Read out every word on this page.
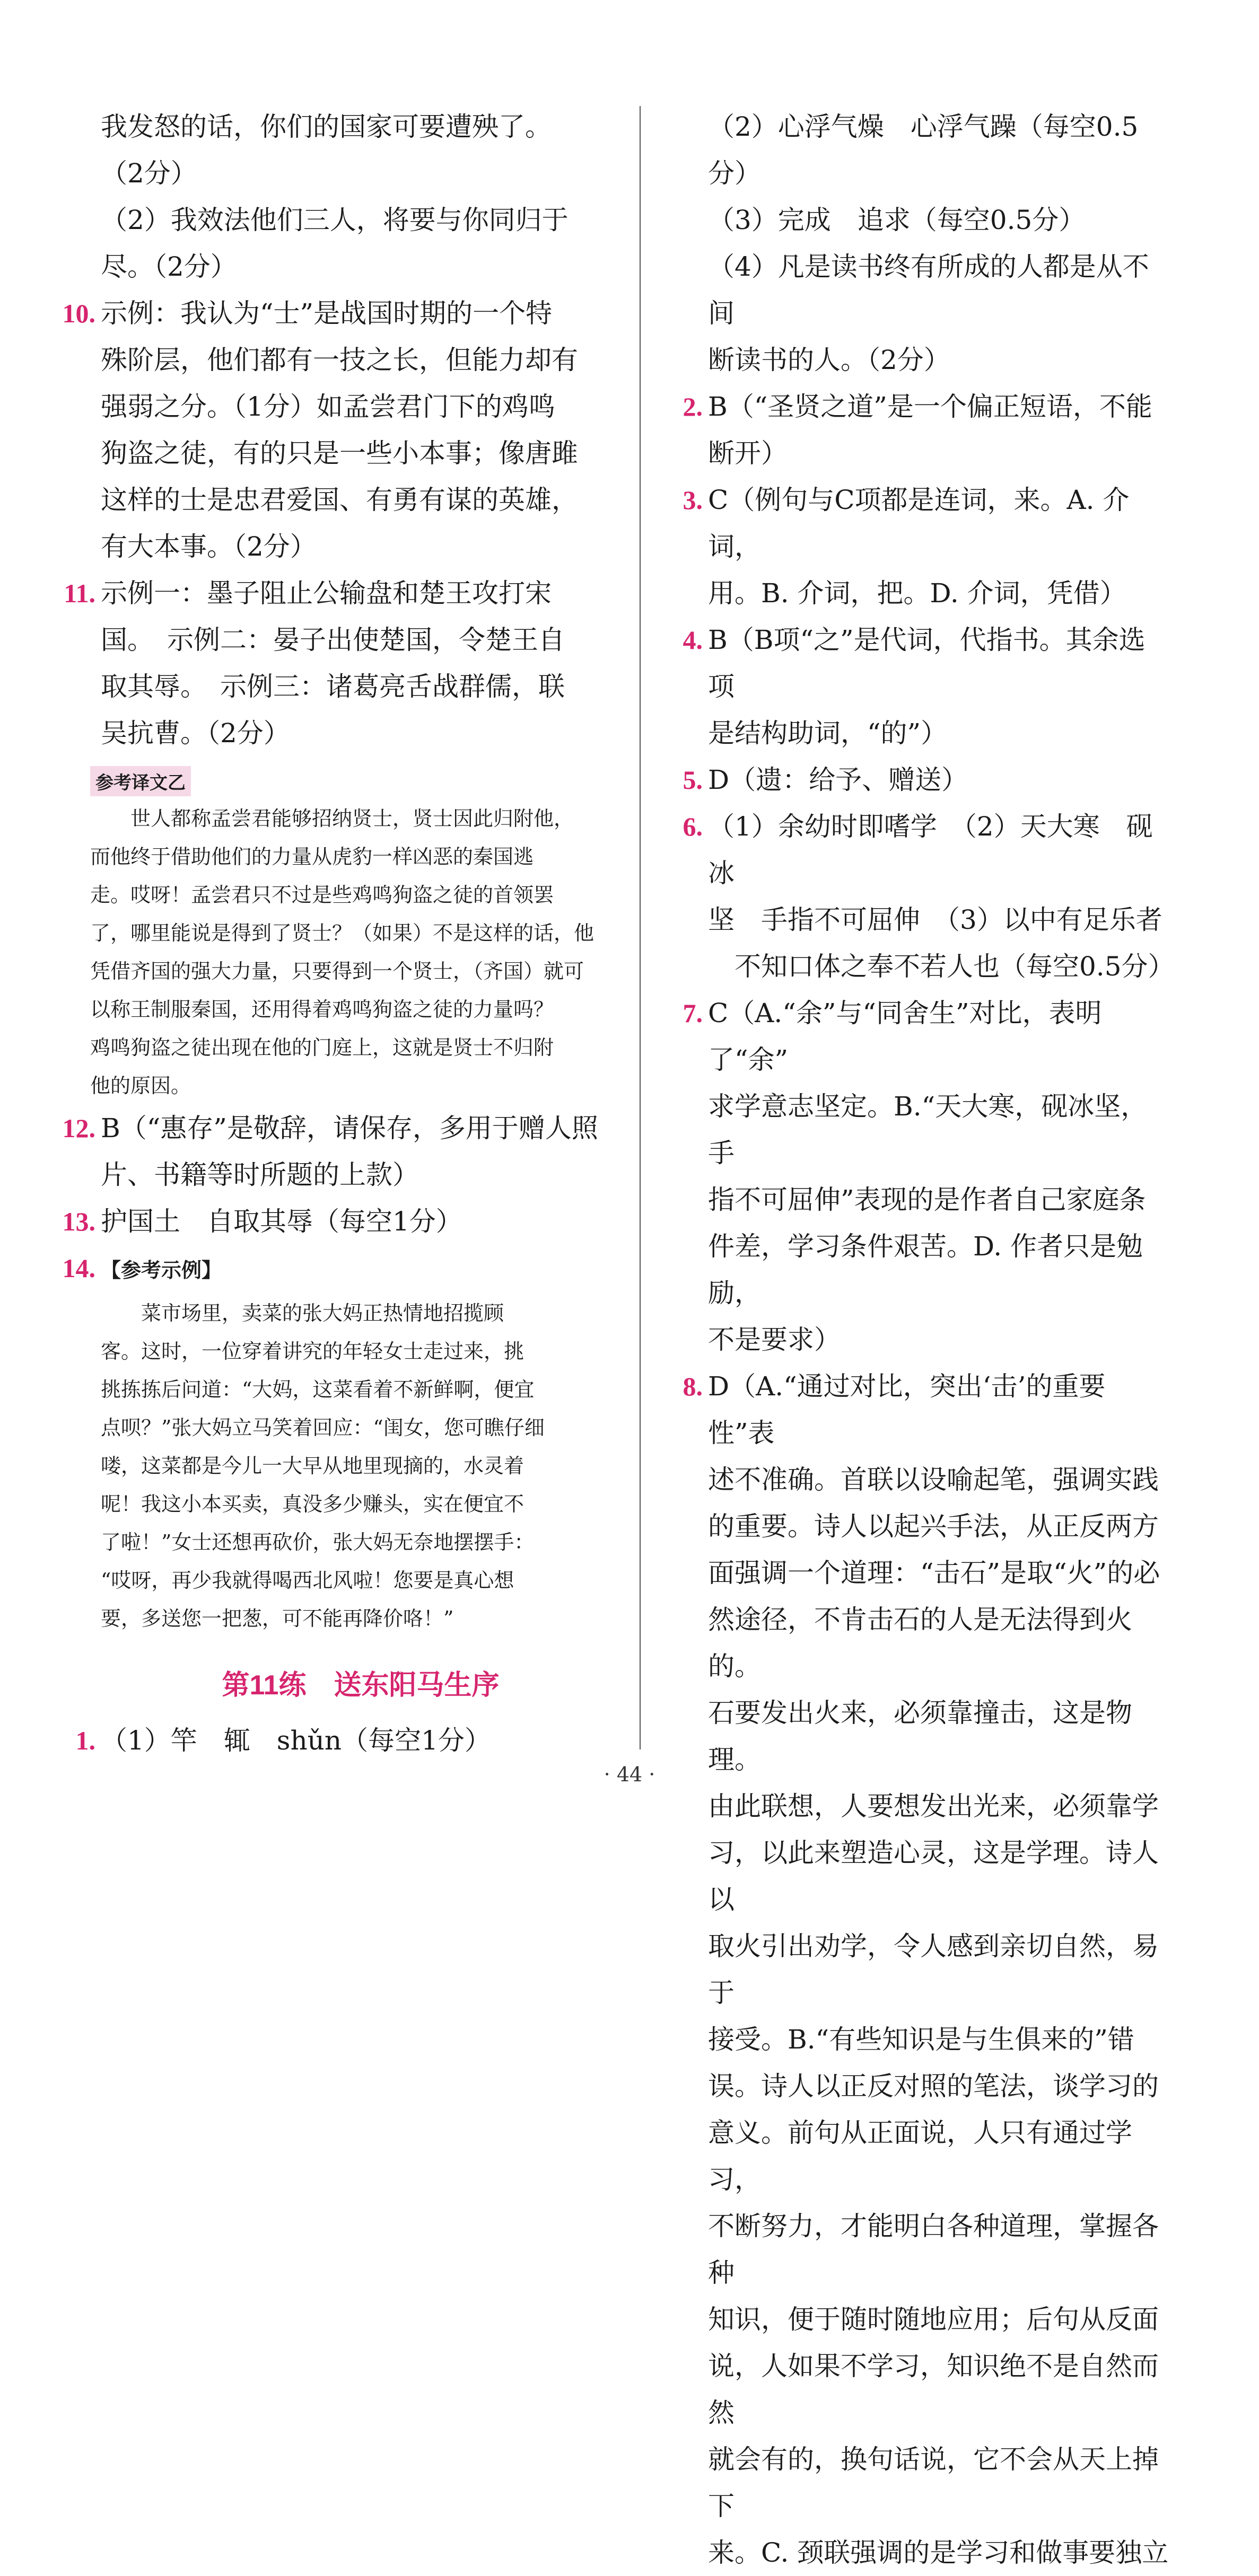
我发怒的话，你们的国家可要遭殃了。

（2分）

（2）我效法他们三人，将要与你同归于

尽。（2分）

10. 示例：我认为“士”是战国时期的一个特

殊阶层，他们都有一技之长，但能力却有

强弱之分。（1分）如孟尝君门下的鸡鸣

狗盗之徒，有的只是一些小本事；像唐雎

这样的士是忠君爱国、有勇有谋的英雄，

有大本事。（2分）

11. 示例一：墨子阻止公输盘和楚王攻打宋

国。　示例二：晏子出使楚国，令楚王自

取其辱。　示例三：诸葛亮舌战群儒，联

吴抗曹。（2分）

参考译文乙

世人都称孟尝君能够招纳贤士，贤士因此归附他，

而他终于借助他们的力量从虎豹一样凶恶的秦国逃

走。哎呀！孟尝君只不过是些鸡鸣狗盗之徒的首领罢

了，哪里能说是得到了贤士？（如果）不是这样的话，他

凭借齐国的强大力量，只要得到一个贤士，（齐国）就可

以称王制服秦国，还用得着鸡鸣狗盗之徒的力量吗？

鸡鸣狗盗之徒出现在他的门庭上，这就是贤士不归附

他的原因。

12. B（“惠存”是敬辞，请保存，多用于赠人照

片、书籍等时所题的上款）

13. 护国土　自取其辱（每空1分）

14. 【参考示例】

菜市场里，卖菜的张大妈正热情地招揽顾

客。这时，一位穿着讲究的年轻女士走过来，挑

挑拣拣后问道：“大妈，这菜看着不新鲜啊，便宜

点呗？”张大妈立马笑着回应：“闺女，您可瞧仔细

喽，这菜都是今儿一大早从地里现摘的，水灵着

呢！我这小本买卖，真没多少赚头，实在便宜不

了啦！”女士还想再砍价，张大妈无奈地摆摆手：

“哎呀，再少我就得喝西北风啦！您要是真心想

要，多送您一把葱，可不能再降价咯！”

第11练　送东阳马生序

1. （1）竿　辄　shǔn（每空1分）

（2）心浮气燥　心浮气躁（每空0.5分）

（3）完成　追求（每空0.5分）

（4）凡是读书终有所成的人都是从不间

断读书的人。（2分）

2. B（“圣贤之道”是一个偏正短语，不能

断开）

3. C（例句与C项都是连词，来。A. 介词，

用。B. 介词，把。D. 介词，凭借）

4. B（B项“之”是代词，代指书。其余选项

是结构助词，“的”）

5. D（遗：给予、赠送）

6. （1）余幼时即嗜学　（2）天大寒　砚冰

坚　手指不可屈伸　（3）以中有足乐者

　不知口体之奉不若人也（每空0.5分）

7. C（A.“余”与“同舍生”对比，表明了“余”

求学意志坚定。B.“天大寒，砚冰坚，手

指不可屈伸”表现的是作者自己家庭条

件差，学习条件艰苦。D. 作者只是勉励，

不是要求）

8. D（A.“通过对比，突出‘击’的重要性”表

述不准确。首联以设喻起笔，强调实践

的重要。诗人以起兴手法，从正反两方

面强调一个道理：“击石”是取“火”的必

然途径，不肯击石的人是无法得到火的。

石要发出火来，必须靠撞击，这是物理。

由此联想，人要想发出光来，必须靠学

习，以此来塑造心灵，这是学理。诗人以

取火引出劝学，令人感到亲切自然，易于

接受。B.“有些知识是与生俱来的”错

误。诗人以正反对照的笔法，谈学习的

意义。前句从正面说，人只有通过学习，

不断努力，才能明白各种道理，掌握各种

知识，便于随时随地应用；后句从反面

说，人如果不学习，知识绝不是自然而然

就会有的，换句话说，它不会从天上掉下

来。C. 颈联强调的是学习和做事要独立

· 44 ·
